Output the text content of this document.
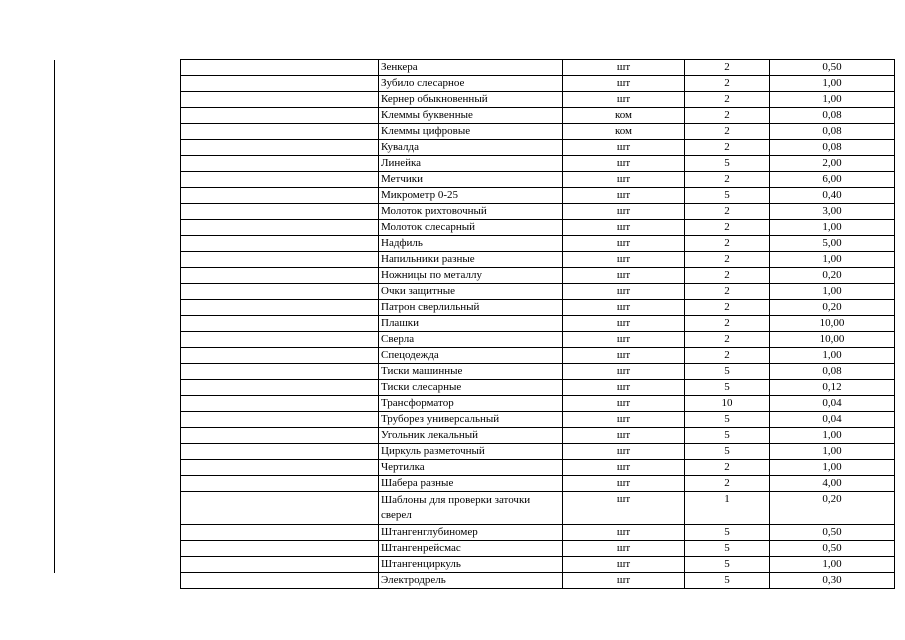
	Зенкера	шт	2	0,50
	Зубило слесарное	шт	2	1,00
	Кернер обыкновенный	шт	2	1,00
	Клеммы буквенные	ком	2	0,08
	Клеммы цифровые	ком	2	0,08
	Кувалда	шт	2	0,08
	Линейка	шт	5	2,00
	Метчики	шт	2	6,00
	Микрометр 0-25	шт	5	0,40
	Молоток рихтовочный	шт	2	3,00
	Молоток слесарный	шт	2	1,00
	Надфиль	шт	2	5,00
	Напильники разные	шт	2	1,00
	Ножницы по металлу	шт	2	0,20
	Очки защитные	шт	2	1,00
	Патрон сверлильный	шт	2	0,20
	Плашки	шт	2	10,00
	Сверла	шт	2	10,00
	Спецодежда	шт	2	1,00
	Тиски машинные	шт	5	0,08
	Тиски слесарные	шт	5	0,12
	Трансформатор	шт	10	0,04
	Труборез универсальный	шт	5	0,04
	Угольник лекальный	шт	5	1,00
	Циркуль разметочный	шт	5	1,00
	Чертилка	шт	2	1,00
	Шабера разные	шт	2	4,00
	Шаблоны для проверки заточки сверел	шт	1	0,20
	Штангенглубиномер	шт	5	0,50
	Штангенрейсмас	шт	5	0,50
	Штангенциркуль	шт	5	1,00
	Электродрель	шт	5	0,30
